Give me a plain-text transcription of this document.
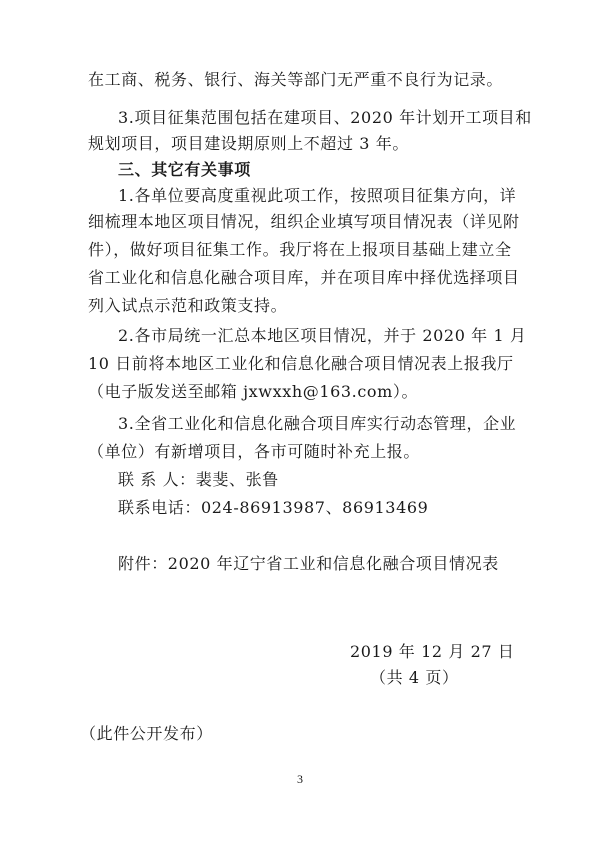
在工商、税务、银行、海关等部门无严重不良行为记录。
3.项目征集范围包括在建项目、2020 年计划开工项目和
规划项目，项目建设期原则上不超过 3 年。
三、其它有关事项
1.各单位要高度重视此项工作，按照项目征集方向，详
细梳理本地区项目情况，组织企业填写项目情况表（详见附
件），做好项目征集工作。我厅将在上报项目基础上建立全
省工业化和信息化融合项目库，并在项目库中择优选择项目
列入试点示范和政策支持。
2.各市局统一汇总本地区项目情况，并于 2020 年 1 月
10 日前将本地区工业化和信息化融合项目情况表上报我厅
（电子版发送至邮箱 jxwxxh@163.com）。
3.全省工业化和信息化融合项目库实行动态管理，企业
（单位）有新增项目，各市可随时补充上报。
联 系 人：裴斐、张鲁
联系电话：024-86913987、86913469
附件：2020 年辽宁省工业和信息化融合项目情况表
2019 年 12 月 27 日
（共 4 页）
（此件公开发布）
3
